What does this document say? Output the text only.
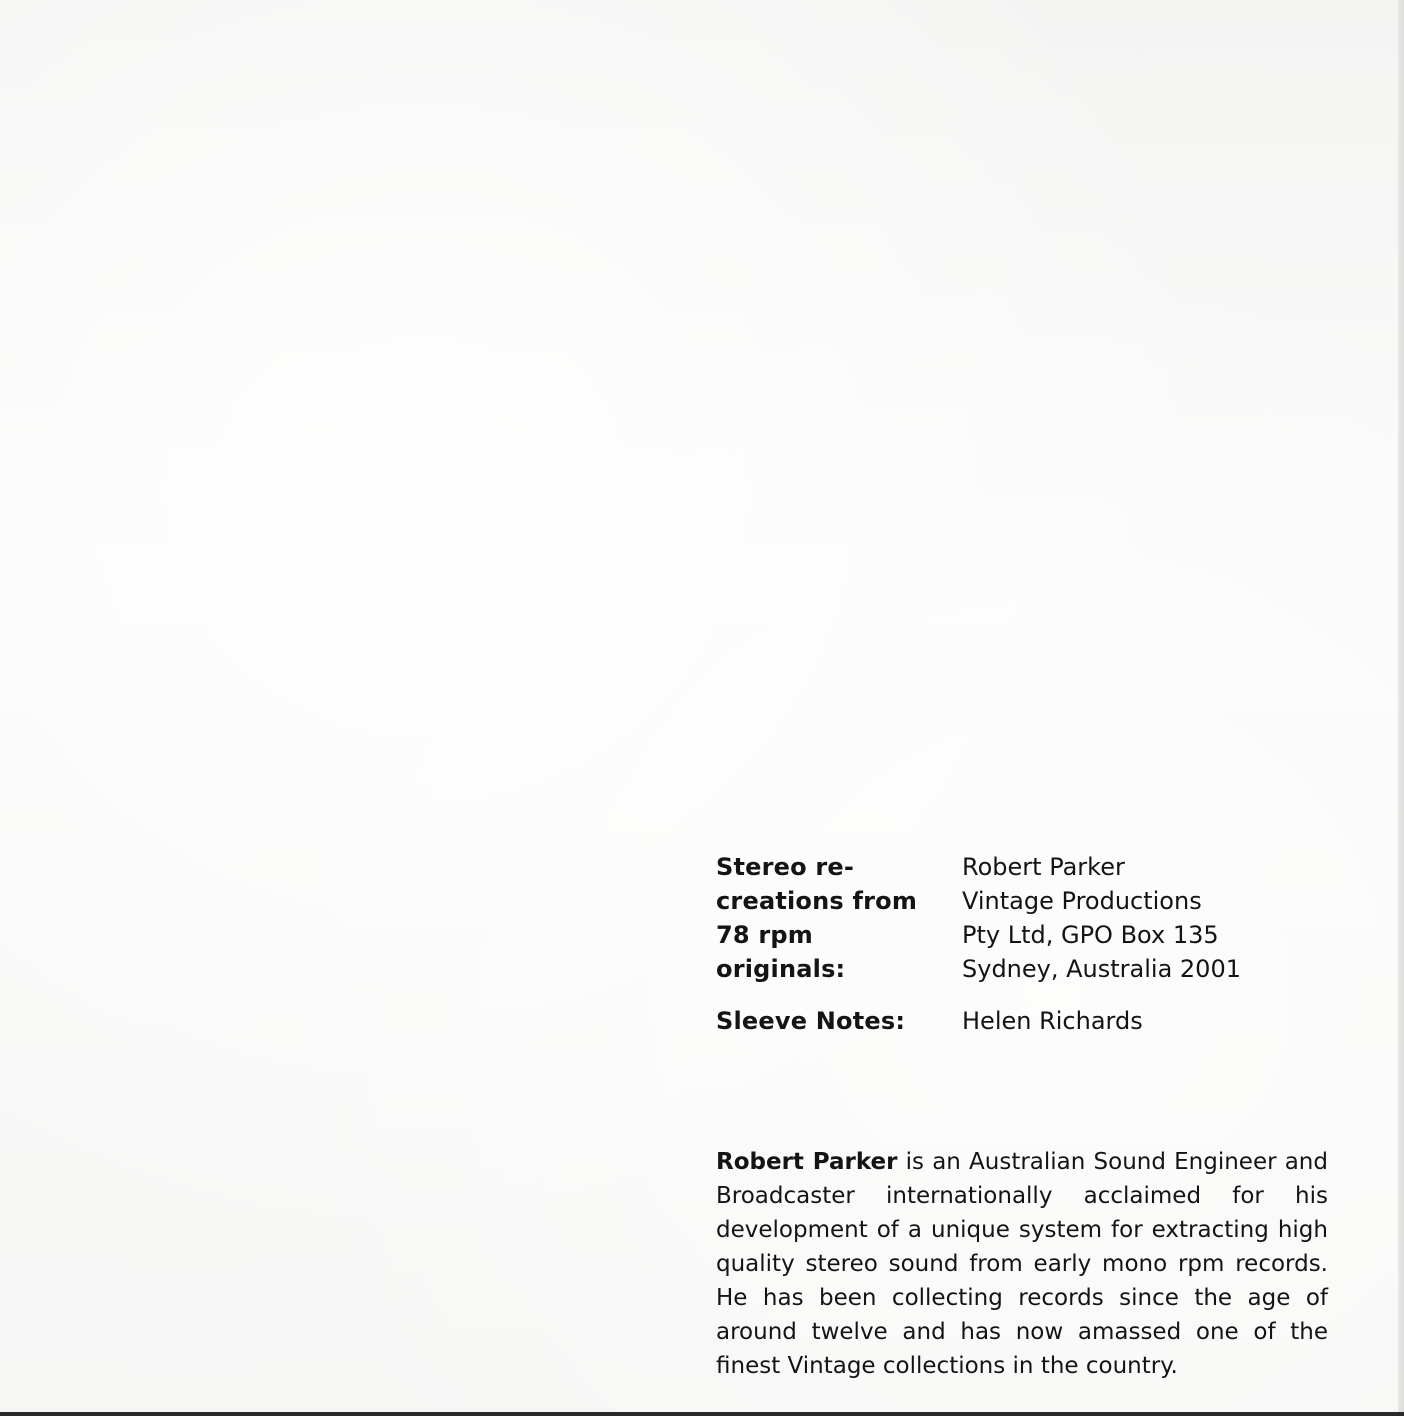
Stereo re-
creations from
78 rpm
originals:
Robert Parker
Vintage Productions
Pty Ltd, GPO Box 135
Sydney, Australia 2001
Sleeve Notes:	Helen Richards

Robert Parker is an Australian Sound Engineer and Broadcaster internationally acclaimed for his development of a unique system for extracting high quality stereo sound from early mono rpm records. He has been collecting records since the age of around twelve and has now amassed one of the finest Vintage collections in the country.
